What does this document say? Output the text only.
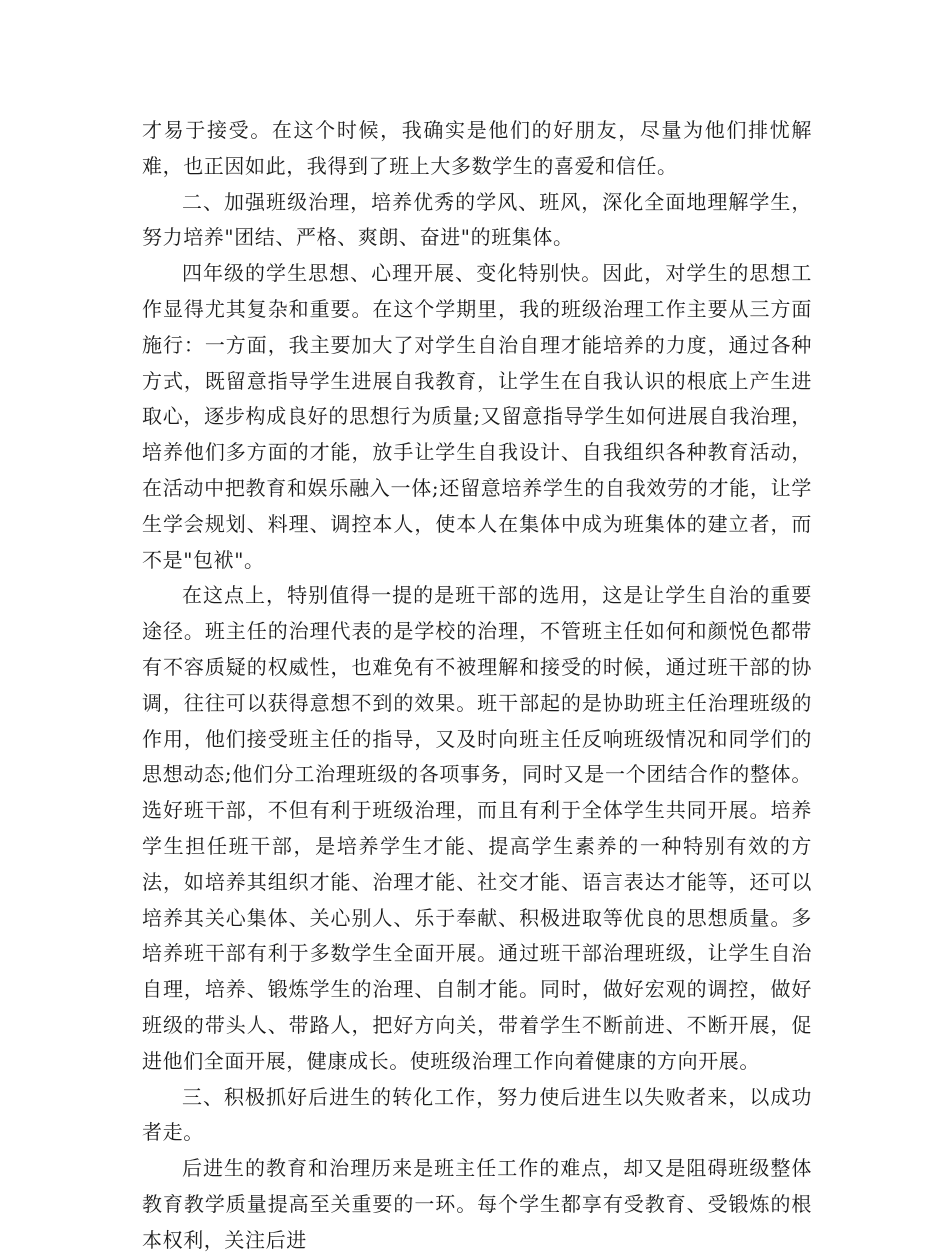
才易于接受。在这个时候，我确实是他们的好朋友，尽量为他们排忧解难，也正因如此，我得到了班上大多数学生的喜爱和信任。

二、加强班级治理，培养优秀的学风、班风，深化全面地理解学生，努力培养"团结、严格、爽朗、奋进"的班集体。

四年级的学生思想、心理开展、变化特别快。因此，对学生的思想工作显得尤其复杂和重要。在这个学期里，我的班级治理工作主要从三方面施行：一方面，我主要加大了对学生自治自理才能培养的力度，通过各种方式，既留意指导学生进展自我教育，让学生在自我认识的根底上产生进取心，逐步构成良好的思想行为质量;又留意指导学生如何进展自我治理，培养他们多方面的才能，放手让学生自我设计、自我组织各种教育活动，在活动中把教育和娱乐融入一体;还留意培养学生的自我效劳的才能，让学生学会规划、料理、调控本人，使本人在集体中成为班集体的建立者，而不是"包袱"。

在这点上，特别值得一提的是班干部的选用，这是让学生自治的重要途径。班主任的治理代表的是学校的治理，不管班主任如何和颜悦色都带有不容质疑的权威性，也难免有不被理解和接受的时候，通过班干部的协调，往往可以获得意想不到的效果。班干部起的是协助班主任治理班级的作用，他们接受班主任的指导，又及时向班主任反响班级情况和同学们的思想动态;他们分工治理班级的各项事务，同时又是一个团结合作的整体。选好班干部，不但有利于班级治理，而且有利于全体学生共同开展。培养学生担任班干部，是培养学生才能、提高学生素养的一种特别有效的方法，如培养其组织才能、治理才能、社交才能、语言表达才能等，还可以培养其关心集体、关心别人、乐于奉献、积极进取等优良的思想质量。多培养班干部有利于多数学生全面开展。通过班干部治理班级，让学生自治自理，培养、锻炼学生的治理、自制才能。同时，做好宏观的调控，做好班级的带头人、带路人，把好方向关，带着学生不断前进、不断开展，促进他们全面开展，健康成长。使班级治理工作向着健康的方向开展。

三、积极抓好后进生的转化工作，努力使后进生以失败者来，以成功者走。

后进生的教育和治理历来是班主任工作的难点，却又是阻碍班级整体教育教学质量提高至关重要的一环。每个学生都享有受教育、受锻炼的根本权利，关注后进
